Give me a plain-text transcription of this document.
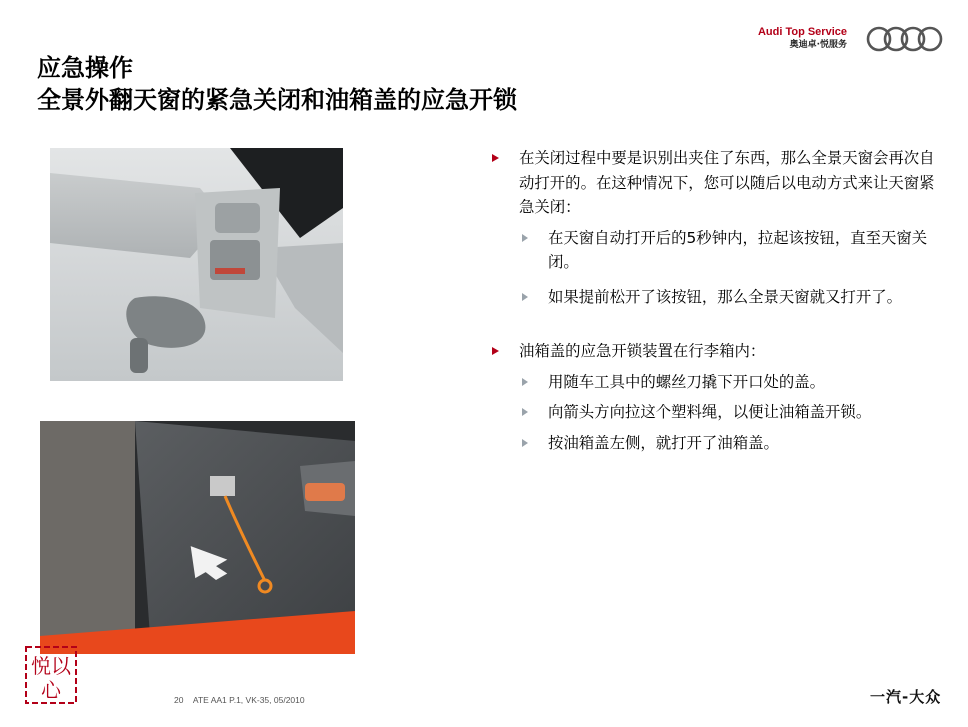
Audi Top Service
奥迪卓·悦服务
应急操作
全景外翻天窗的紧急关闭和油箱盖的应急开锁
在关闭过程中要是识别出夹住了东西，那么全景天窗会再次自动打开的。在这种情况下，您可以随后以电动方式来让天窗紧急关闭：
在天窗自动打开后的5秒钟内，拉起该按钮，直至天窗关闭。
如果提前松开了该按钮，那么全景天窗就又打开了。
油箱盖的应急开锁装置在行李箱内：
用随车工具中的螺丝刀撬下开口处的盖。
向箭头方向拉这个塑料绳，以便让油箱盖开锁。
按油箱盖左侧，就打开了油箱盖。
悦以
心	20 ATE AA1 P.1, VK-35, 05/2010	一汽-大众
